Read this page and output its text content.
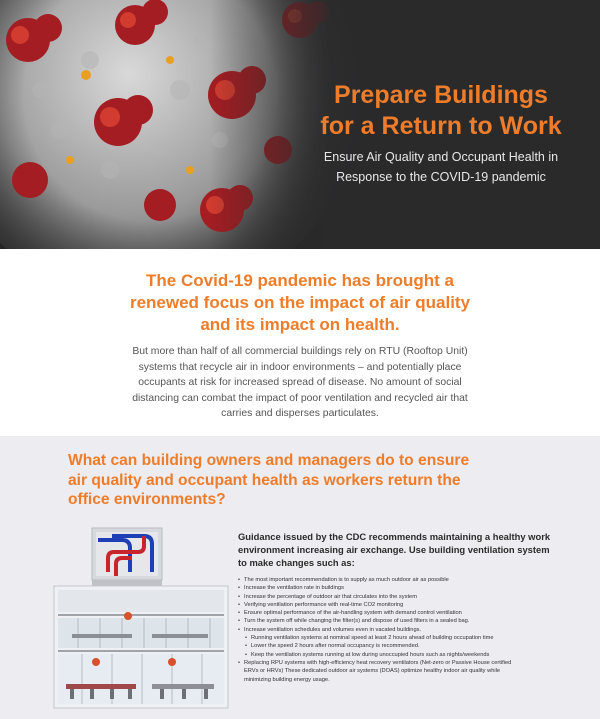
Prepare Buildings
for a Return to Work

Ensure Air Quality and Occupant Health in
Response to the COVID-19 pandemic

The Covid-19 pandemic has brought a
renewed focus on the impact of air quality
and its impact on health.

But more than half of all commercial buildings rely on RTU (Rooftop Unit)
systems that recycle air in indoor environments – and potentially place
occupants at risk for increased spread of disease. No amount of social
distancing can combat the impact of poor ventilation and recycled air that
carries and disperses particulates.

What can building owners and managers do to ensure
air quality and occupant health as workers return the
office environments?

Guidance issued by the CDC recommends maintaining a healthy work
environment increasing air exchange. Use building ventilation system
to make changes such as:

• The most important recommendation is to supply as much outdoor air as possible
• Increase the ventilation rate in buildings
• Increase the percentage of outdoor air that circulates into the system
• Verifying ventilation performance with real-time CO2 monitoring
• Ensure optimal performance of the air-handling system with demand control ventilation
• Turn the system off while changing the filter(s) and dispose of used filters in a sealed bag.
• Increase ventilation schedules and volumes even in vacated buildings.
• Running ventilation systems at nominal speed at least 2 hours ahead of building occupation time
• Lower the speed 2 hours after normal occupancy is recommended.
• Keep the ventilation systems running at low during unoccupied hours such as nights/weekends
• Replacing RPU systems with high-efficiency heat recovery ventilators (Net-zero or Passive House certified
ERVs or HRVs) These dedicated outdoor air systems (DOAS) optimize healthy indoor air quality while
minimizing building energy usage.
